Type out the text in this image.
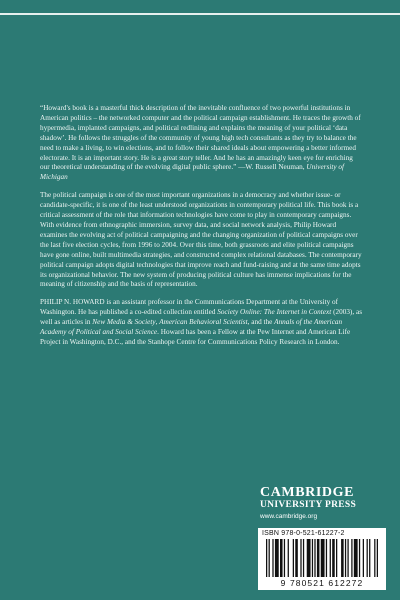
“Howard's book is a masterful thick description of the inevitable confluence of two powerful institutions in American politics – the networked computer and the political campaign establishment. He traces the growth of hypermedia, implanted campaigns, and political redlining and explains the meaning of your political ‘data shadow’. He follows the struggles of the community of young high tech consultants as they try to balance the need to make a living, to win elections, and to follow their shared ideals about empowering a better informed electorate. It is an important story. He is a great story teller. And he has an amazingly keen eye for enriching our theoretical understanding of the evolving digital public sphere.” —W. Russell Neuman, University of Michigan

The political campaign is one of the most important organizations in a democracy and whether issue- or candidate-specific, it is one of the least understood organizations in contemporary political life. This book is a critical assessment of the role that information technologies have come to play in contemporary campaigns. With evidence from ethnographic immersion, survey data, and social network analysis, Philip Howard examines the evolving act of political campaigning and the changing organization of political campaigns over the last five election cycles, from 1996 to 2004. Over this time, both grassroots and elite political campaigns have gone online, built multimedia strategies, and constructed complex relational databases. The contemporary political campaign adopts digital technologies that improve reach and fund-raising and at the same time adopts its organizational behavior. The new system of producing political culture has immense implications for the meaning of citizenship and the basis of representation.

PHILIP N. HOWARD is an assistant professor in the Communications Department at the University of Washington. He has published a co-edited collection entitled Society Online: The Internet in Context (2003), as well as articles in New Media & Society, American Behavioral Scientist, and the Annals of the American Academy of Political and Social Science. Howard has been a Fellow at the Pew Internet and American Life Project in Washington, D.C., and the Stanhope Centre for Communications Policy Research in London.

CAMBRIDGE
UNIVERSITY PRESS
www.cambridge.org
ISBN 978-0-521-61227-2
9 780521 612272
